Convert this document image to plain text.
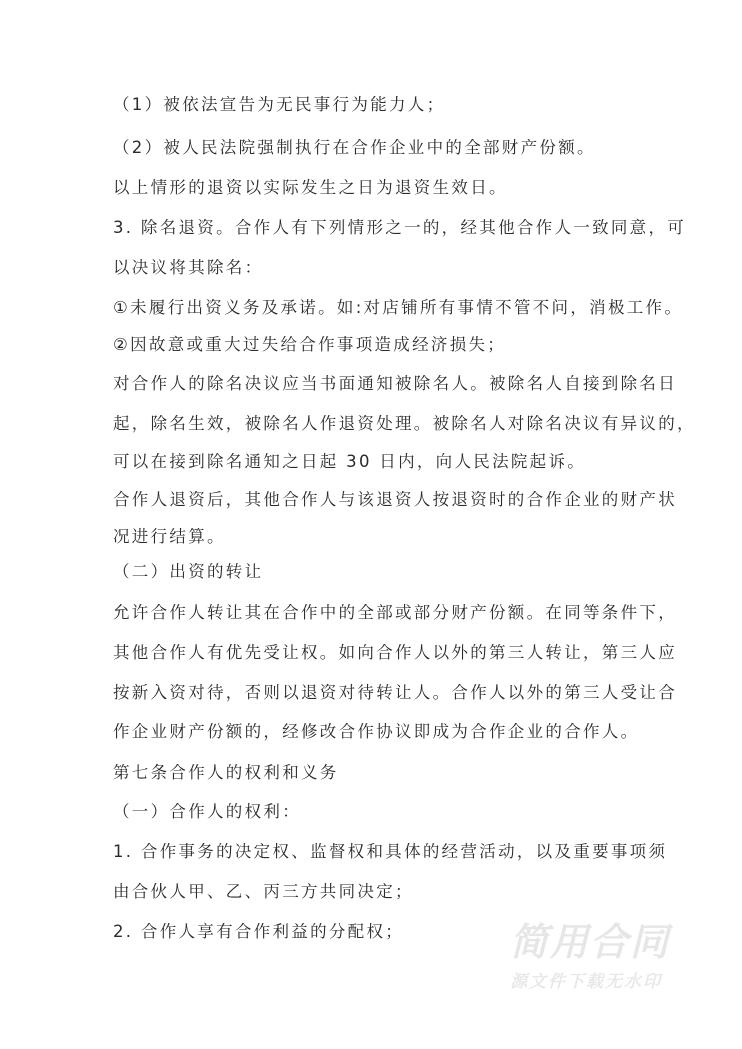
（1）被依法宣告为无民事行为能力人；
（2）被人民法院强制执行在合作企业中的全部财产份额。
以上情形的退资以实际发生之日为退资生效日。
3. 除名退资。合作人有下列情形之一的，经其他合作人一致同意，可
以决议将其除名：
①未履行出资义务及承诺。如:对店铺所有事情不管不问，消极工作。
②因故意或重大过失给合作事项造成经济损失；
对合作人的除名决议应当书面通知被除名人。被除名人自接到除名日
起，除名生效，被除名人作退资处理。被除名人对除名决议有异议的，
可以在接到除名通知之日起 30 日内，向人民法院起诉。
合作人退资后，其他合作人与该退资人按退资时的合作企业的财产状
况进行结算。
（二）出资的转让
允许合作人转让其在合作中的全部或部分财产份额。在同等条件下，
其他合作人有优先受让权。如向合作人以外的第三人转让，第三人应
按新入资对待，否则以退资对待转让人。合作人以外的第三人受让合
作企业财产份额的，经修改合作协议即成为合作企业的合作人。
第七条合作人的权利和义务
（一）合作人的权利：
1. 合作事务的决定权、监督权和具体的经营活动，以及重要事项须
由合伙人甲、乙、丙三方共同决定；
2. 合作人享有合作利益的分配权；	简用合同
源文件下载无水印
